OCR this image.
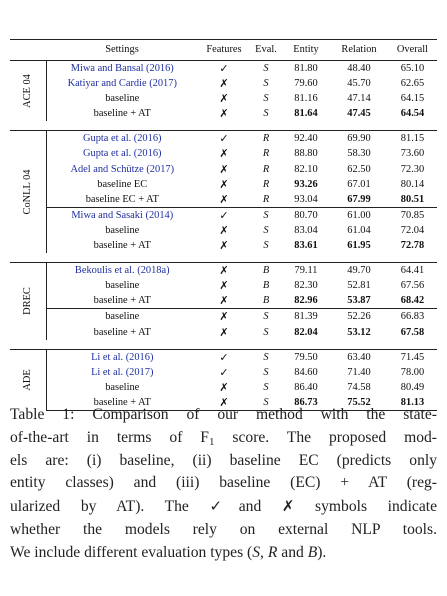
	Settings	Features	Eval.	Entity	Relation	Overall

ACE 04	Miwa and Bansal (2016)	✓	S	81.80	48.40	65.10
	Katiyar and Cardie (2017)	✗	S	79.60	45.70	62.65
	baseline	✗	S	81.16	47.14	64.15
	baseline + AT	✗	S	81.64	47.45	64.54

CoNLL 04	Gupta et al. (2016)	✓	R	92.40	69.90	81.15
	Gupta et al. (2016)	✗	R	88.80	58.30	73.60
	Adel and Schütze (2017)	✗	R	82.10	62.50	72.30
	baseline EC	✗	R	93.26	67.01	80.14
	baseline EC + AT	✗	R	93.04	67.99	80.51
	Miwa and Sasaki (2014)	✓	S	80.70	61.00	70.85
	baseline	✗	S	83.04	61.04	72.04
	baseline + AT	✗	S	83.61	61.95	72.78

DREC	Bekoulis et al. (2018a)	✗	B	79.11	49.70	64.41
	baseline	✗	B	82.30	52.81	67.56
	baseline + AT	✗	B	82.96	53.87	68.42
	baseline	✗	S	81.39	52.26	66.83
	baseline + AT	✗	S	82.04	53.12	67.58

ADE	Li et al. (2016)	✓	S	79.50	63.40	71.45
	Li et al. (2017)	✓	S	84.60	71.40	78.00
	baseline	✗	S	86.40	74.58	80.49
	baseline + AT	✗	S	86.73	75.52	81.13
Table 1: Comparison of our method with the state-
of-the-art in terms of $F_1$ score. The proposed mod-
els are: (i) baseline, (ii) baseline EC (predicts only
entity classes) and (iii) baseline (EC) + AT (reg-
ularized by AT). The ✓and ✗ symbols indicate
whether the models rely on external NLP tools.
We include different evaluation types (S, R and B).
